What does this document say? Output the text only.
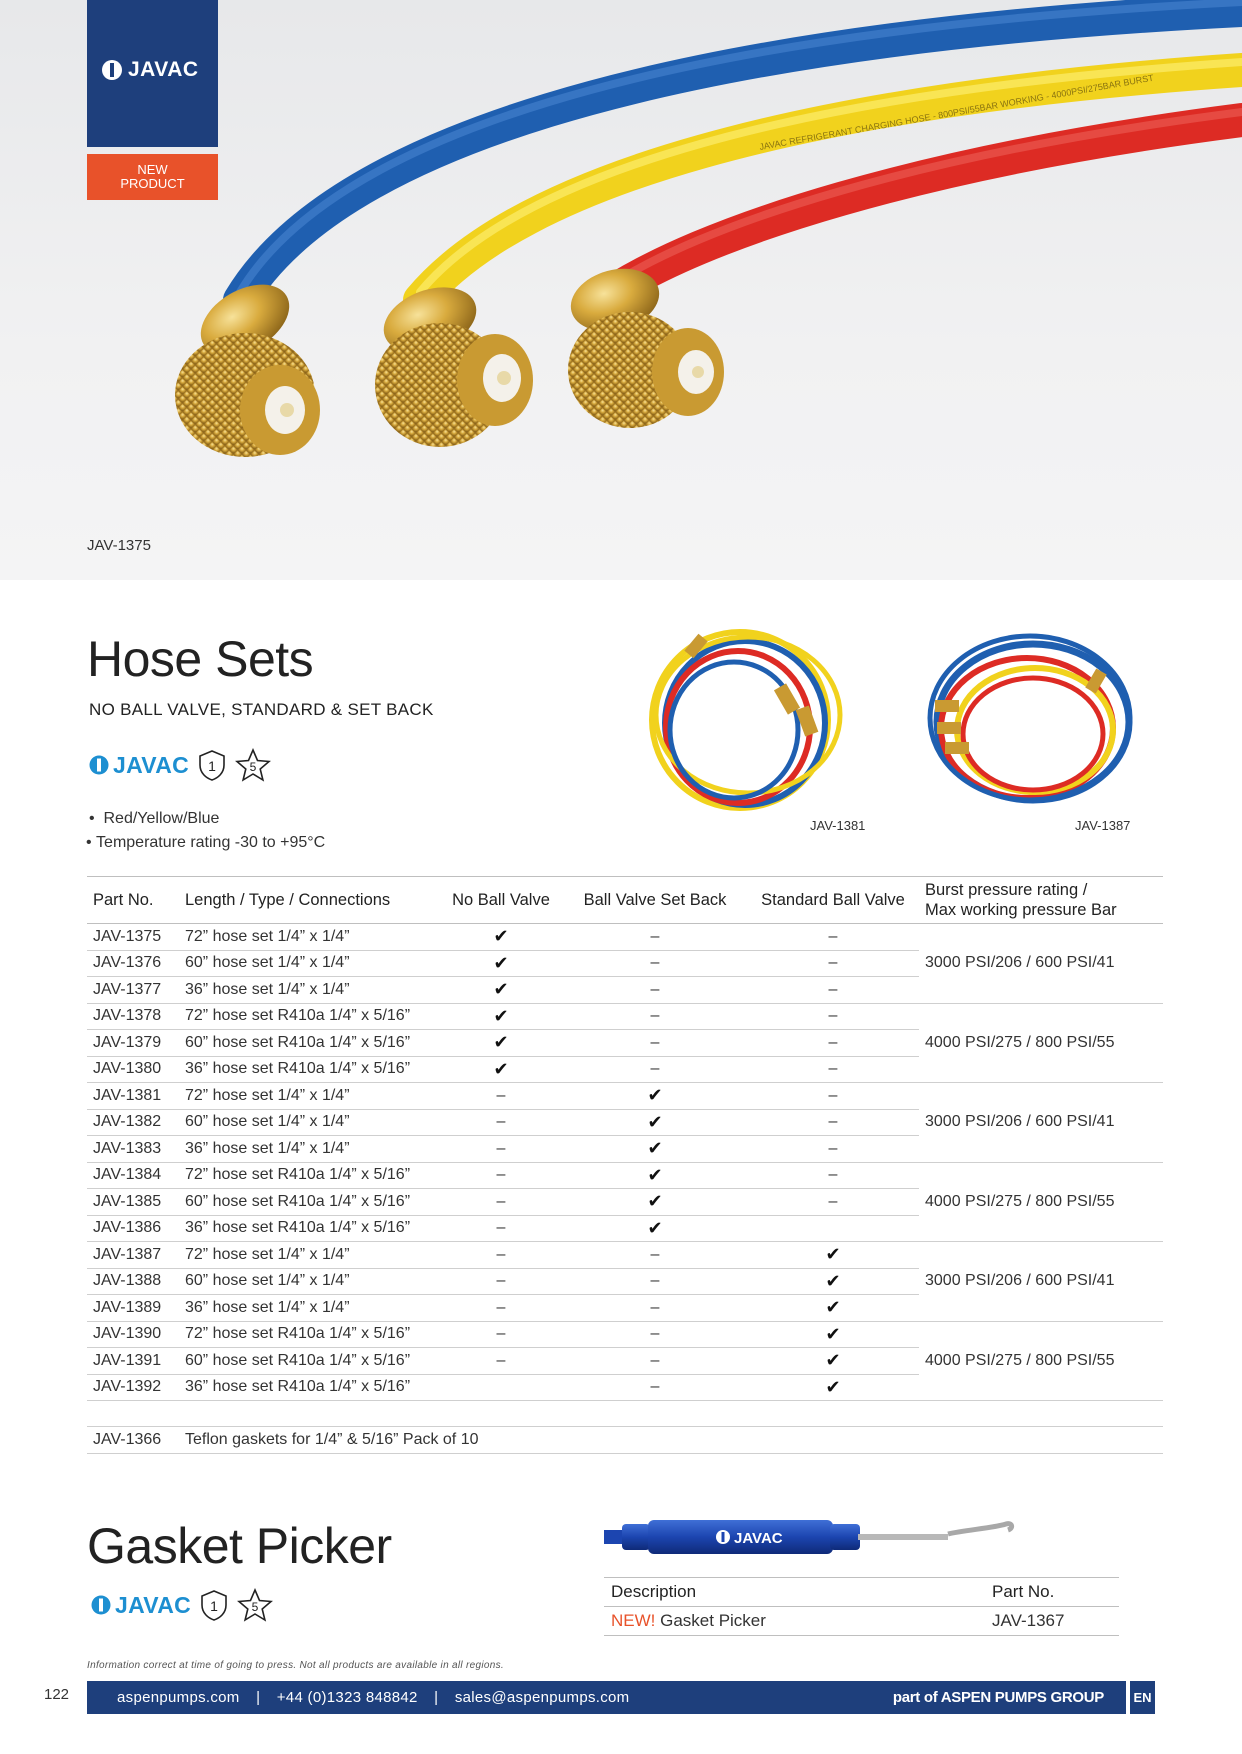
JAVAC REFRIGERANT CHARGING HOSE - 800PSI/55BAR WORKING - 4000PSI/275BAR BURST
JAVAC
NEW PRODUCT
JAV-1375
Hose Sets
NO BALL VALVE, STANDARD & SET BACK
JAVAC 1	5
•  Red/Yellow/Blue
• Temperature rating -30 to +95°C
JAV-1381	JAV-1387
Part No.	Length / Type / Connections	No Ball Valve	Ball Valve Set Back	Standard Ball Valve	Burst pressure rating /
Max working pressure Bar
JAV-1375	72” hose set 1/4” x 1/4”	✔	–	–	3000 PSI/206 / 600 PSI/41
JAV-1376	60” hose set 1/4” x 1/4”	✔	–	–	
JAV-1377	36” hose set 1/4” x 1/4”	✔	–	–	
JAV-1378	72” hose set R410a 1/4” x 5/16”	✔	–	–	4000 PSI/275 / 800 PSI/55
JAV-1379	60” hose set R410a 1/4” x 5/16”	✔	–	–	
JAV-1380	36” hose set R410a 1/4” x 5/16”	✔	–	–	
JAV-1381	72” hose set 1/4” x 1/4”	–	✔	–	3000 PSI/206 / 600 PSI/41
JAV-1382	60” hose set 1/4” x 1/4”	–	✔	–	
JAV-1383	36” hose set 1/4” x 1/4”	–	✔	–	
JAV-1384	72” hose set R410a 1/4” x 5/16”	–	✔	–	4000 PSI/275 / 800 PSI/55
JAV-1385	60” hose set R410a 1/4” x 5/16”	–	✔	–	
JAV-1386	36” hose set R410a 1/4” x 5/16”	–	✔		
JAV-1387	72” hose set 1/4” x 1/4”	–	–	✔	3000 PSI/206 / 600 PSI/41
JAV-1388	60” hose set 1/4” x 1/4”	–	–	✔	
JAV-1389	36” hose set 1/4” x 1/4”	–	–	✔	
JAV-1390	72” hose set R410a 1/4” x 5/16”	–	–	✔	4000 PSI/275 / 800 PSI/55
JAV-1391	60” hose set R410a 1/4” x 5/16”	–	–	✔	
JAV-1392	36” hose set R410a 1/4” x 5/16”		–	✔	

JAV-1366	Teflon gaskets for 1/4” & 5/16” Pack of 10				
Gasket Picker
JAVAC 1	5
JAVAC
Description	Part No.
NEW! Gasket Picker	JAV-1367
Information correct at time of going to press. Not all products are available in all regions.
122	aspenpumps.com | +44 (0)1323 848842 | sales@aspenpumps.com	part of ASPEN PUMPS GROUP	EN
